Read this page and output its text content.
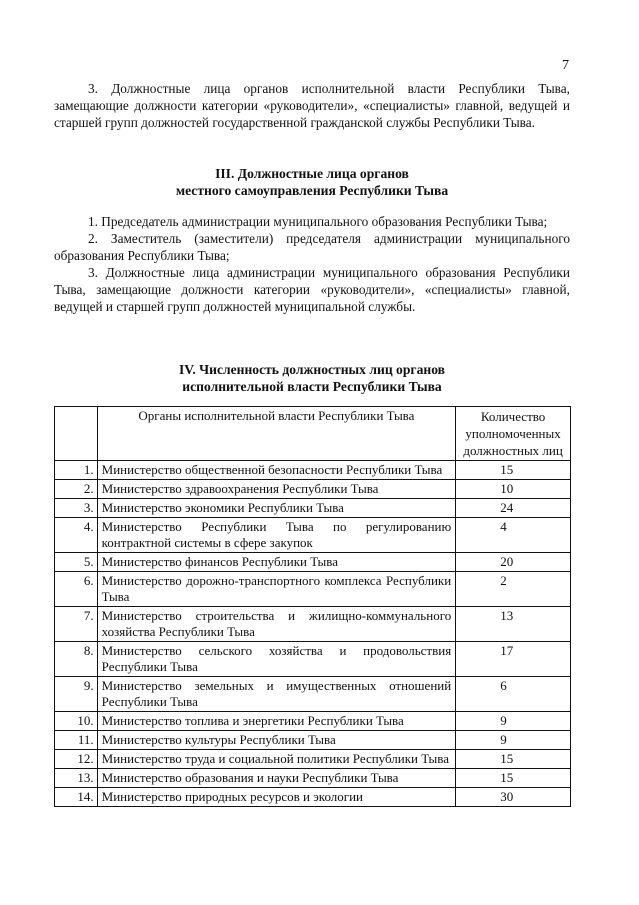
7

3. Должностные лица органов исполнительной власти Республики Тыва, замещающие должности категории «руководители», «специалисты» главной, ведущей и старшей групп должностей государственной гражданской службы Республики Тыва.

III. Должностные лица органов
местного самоуправления Республики Тыва

1. Председатель администрации муниципального образования Республики Тыва;

2. Заместитель (заместители) председателя администрации муниципального образования Республики Тыва;

3. Должностные лица администрации муниципального образования Республики Тыва, замещающие должности категории «руководители», «специалисты» главной, ведущей и старшей групп должностей муниципальной службы.

IV. Численность должностных лиц органов
исполнительной власти Республики Тыва
	Органы исполнительной власти Республики Тыва	Количество уполномоченных должностных лиц
1.	Министерство общественной безопасности Республики Тыва	15
2.	Министерство здравоохранения Республики Тыва	10
3.	Министерство экономики Республики Тыва	24
4.	Министерство Республики Тыва по регулированию контрактной системы в сфере закупок	4
5.	Министерство финансов Республики Тыва	20
6.	Министерство дорожно-транспортного комплекса Республики Тыва	2
7.	Министерство строительства и жилищно-коммунального хозяйства Республики Тыва	13
8.	Министерство сельского хозяйства и продовольствия Республики Тыва	17
9.	Министерство земельных и имущественных отношений Республики Тыва	6
10.	Министерство топлива и энергетики Республики Тыва	9
11.	Министерство культуры Республики Тыва	9
12.	Министерство труда и социальной политики Республики Тыва	15
13.	Министерство образования и науки Республики Тыва	15
14.	Министерство природных ресурсов и экологии	30
